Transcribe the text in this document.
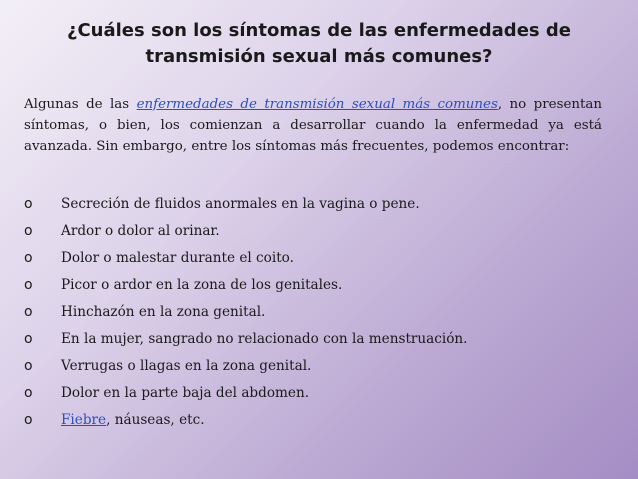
¿Cuáles son los síntomas de las enfermedades de
transmisión sexual más comunes?

Algunas de las enfermedades de transmisión sexual más comunes, no presentan síntomas, o bien, los comienzan a desarrollar cuando la enfermedad ya está avanzada. Sin embargo, entre los síntomas más frecuentes, podemos encontrar:

o	Secreción de fluidos anormales en la vagina o pene.
o	Ardor o dolor al orinar.
o	Dolor o malestar durante el coito.
o	Picor o ardor en la zona de los genitales.
o	Hinchazón en la zona genital.
o	En la mujer, sangrado no relacionado con la menstruación.
o	Verrugas o llagas en la zona genital.
o	Dolor en la parte baja del abdomen.
o	Fiebre, náuseas, etc.
